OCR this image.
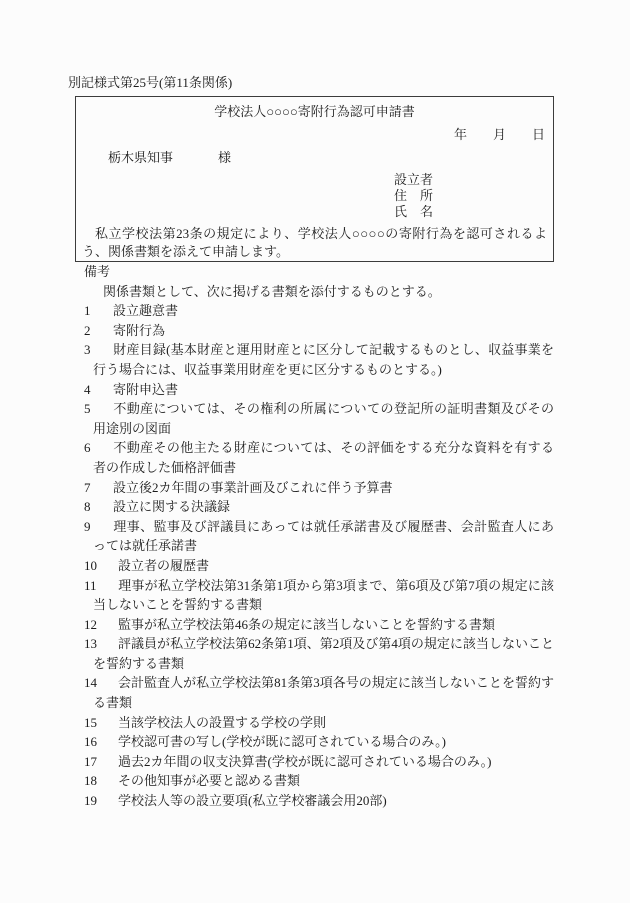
別記様式第25号(第11条関係)
学校法人○○○○寄附行為認可申請書
年　　月　　日
栃木県知事	様
設立者
住　所
氏　名
私立学校法第23条の規定により、学校法人○○○○の寄附行為を認可されるよう、関係書類を添えて申請します。
備考
関係書類として、次に掲げる書類を添付するものとする。
1 設立趣意書
2 寄附行為
3 財産目録(基本財産と運用財産とに区分して記載するものとし、収益事業を行う場合には、収益事業用財産を更に区分するものとする。)
4 寄附申込書
5 不動産については、その権利の所属についての登記所の証明書類及びその用途別の図面
6 不動産その他主たる財産については、その評価をする充分な資料を有する者の作成した価格評価書
7 設立後2カ年間の事業計画及びこれに伴う予算書
8 設立に関する決議録
9 理事、監事及び評議員にあっては就任承諾書及び履歴書、会計監査人にあっては就任承諾書
10 設立者の履歴書
11 理事が私立学校法第31条第1項から第3項まで、第6項及び第7項の規定に該当しないことを誓約する書類
12 監事が私立学校法第46条の規定に該当しないことを誓約する書類
13 評議員が私立学校法第62条第1項、第2項及び第4項の規定に該当しないことを誓約する書類
14 会計監査人が私立学校法第81条第3項各号の規定に該当しないことを誓約する書類
15 当該学校法人の設置する学校の学則
16 学校認可書の写し(学校が既に認可されている場合のみ。)
17 過去2カ年間の収支決算書(学校が既に認可されている場合のみ。)
18 その他知事が必要と認める書類
19 学校法人等の設立要項(私立学校審議会用20部)
